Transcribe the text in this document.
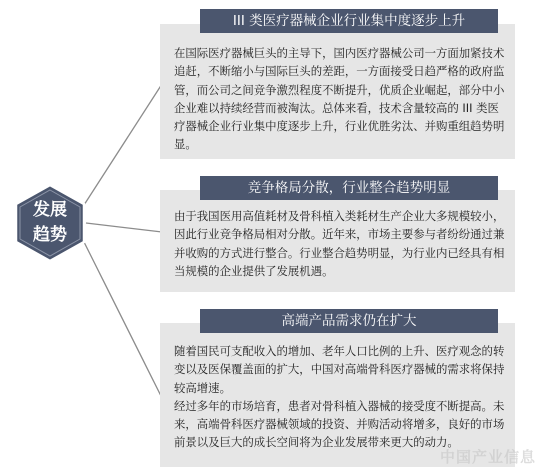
发展
趋势

在国际医疗器械巨头的主导下，国内医疗器械公司一方面加紧技术追赶，不断缩小与国际巨头的差距，一方面接受日趋严格的政府监管，而公司之间竞争激烈程度不断提升，优质企业崛起，部分中小企业难以持续经营而被淘汰。总体来看，技术含量较高的 III 类医疗器械企业行业集中度逐步上升，行业优胜劣汰、并购重组趋势明显。

III 类医疗器械企业行业集中度逐步上升

由于我国医用高值耗材及骨科植入类耗材生产企业大多规模较小，因此行业竞争格局相对分散。近年来，市场主要参与者纷纷通过兼并收购的方式进行整合。行业整合趋势明显，为行业内已经具有相当规模的企业提供了发展机遇。

竞争格局分散，行业整合趋势明显

随着国民可支配收入的增加、老年人口比例的上升、医疗观念的转变以及医保覆盖面的扩大，中国对高端骨科医疗器械的需求将保持较高增速。

经过多年的市场培育，患者对骨科植入器械的接受度不断提高。未来，高端骨科医疗器械领域的投资、并购活动将增多，良好的市场前景以及巨大的成长空间将为企业发展带来更大的动力。

高端产品需求仍在扩大
中国产业信息
